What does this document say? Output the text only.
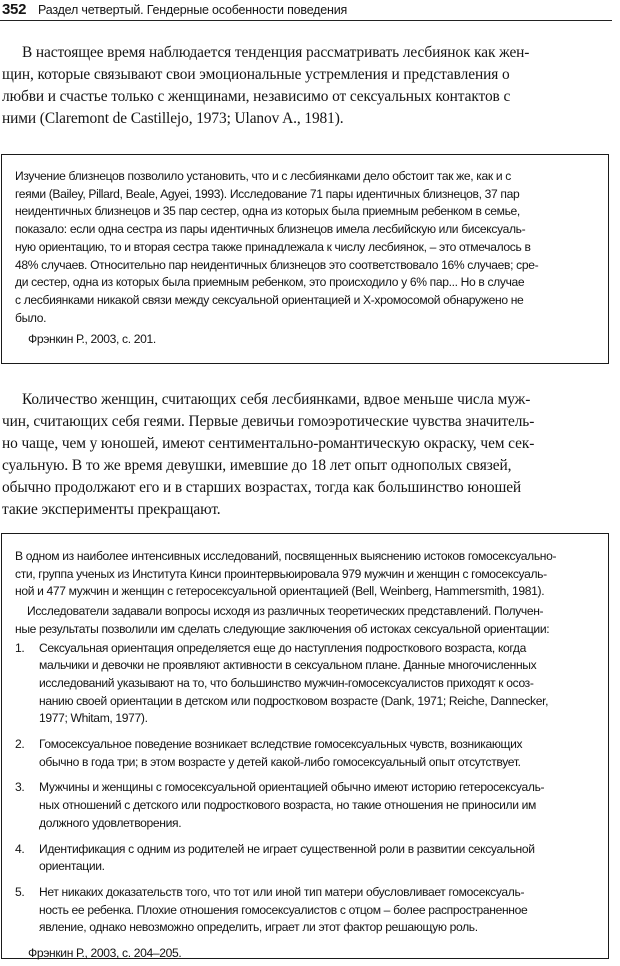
352 Раздел четвертый. Гендерные особенности поведения
В настоящее время наблюдается тенденция рассматривать лесбиянок как жен-
щин, которые связывают свои эмоциональные устремления и представления о
любви и счастье только с женщинами, независимо от сексуальных контактов с
ними (Claremont de Castillejo, 1973; Ulanov A., 1981).
Изучение близнецов позволило установить, что и с лесбиянками дело обстоит так же, как и с
геями (Bailey, Pillard, Beale, Agyei, 1993). Исследование 71 пары идентичных близнецов, 37 пар
неидентичных близнецов и 35 пар сестер, одна из которых была приемным ребенком в семье,
показало: если одна сестра из пары идентичных близнецов имела лесбийскую или бисексуаль-
ную ориентацию, то и вторая сестра также принадлежала к числу лесбиянок, – это отмечалось в
48% случаев. Относительно пар неидентичных близнецов это соответствовало 16% случаев; сре-
ди сестер, одна из которых была приемным ребенком, это происходило у 6% пар... Но в случае
с лесбиянками никакой связи между сексуальной ориентацией и Х-хромосомой обнаружено не
было.
Фрэнкин Р., 2003, с. 201.
Количество женщин, считающих себя лесбиянками, вдвое меньше числа муж-
чин, считающих себя геями. Первые девичьи гомоэротические чувства значитель-
но чаще, чем у юношей, имеют сентиментально-романтическую окраску, чем сек-
суальную. В то же время девушки, имевшие до 18 лет опыт однополых связей,
обычно продолжают его и в старших возрастах, тогда как большинство юношей
такие эксперименты прекращают.
В одном из наиболее интенсивных исследований, посвященных выяснению истоков гомосексуально-
сти, группа ученых из Института Кинси проинтервьюировала 979 мужчин и женщин с гомосексуаль-
ной и 477 мужчин и женщин с гетеросексуальной ориентацией (Bell, Weinberg, Hammersmith, 1981).
Исследователи задавали вопросы исходя из различных теоретических представлений. Получен-
ные результаты позволили им сделать следующие заключения об истоках сексуальной ориентации:
1. Сексуальная ориентация определяется еще до наступления подросткового возраста, когда
мальчики и девочки не проявляют активности в сексуальном плане. Данные многочисленных
исследований указывают на то, что большинство мужчин-гомосексуалистов приходят к осоз-
нанию своей ориентации в детском или подростковом возрасте (Dank, 1971; Reiche, Dannecker,
1977; Whitam, 1977).
2. Гомосексуальное поведение возникает вследствие гомосексуальных чувств, возникающих
обычно в года три; в этом возрасте у детей какой-либо гомосексуальный опыт отсутствует.
3. Мужчины и женщины с гомосексуальной ориентацией обычно имеют историю гетеросексуаль-
ных отношений с детского или подросткового возраста, но такие отношения не приносили им
должного удовлетворения.
4. Идентификация с одним из родителей не играет существенной роли в развитии сексуальной
ориентации.
5. Нет никаких доказательств того, что тот или иной тип матери обусловливает гомосексуаль-
ность ее ребенка. Плохие отношения гомосексуалистов с отцом – более распространенное
явление, однако невозможно определить, играет ли этот фактор решающую роль.
Фрэнкин Р., 2003, с. 204–205.
